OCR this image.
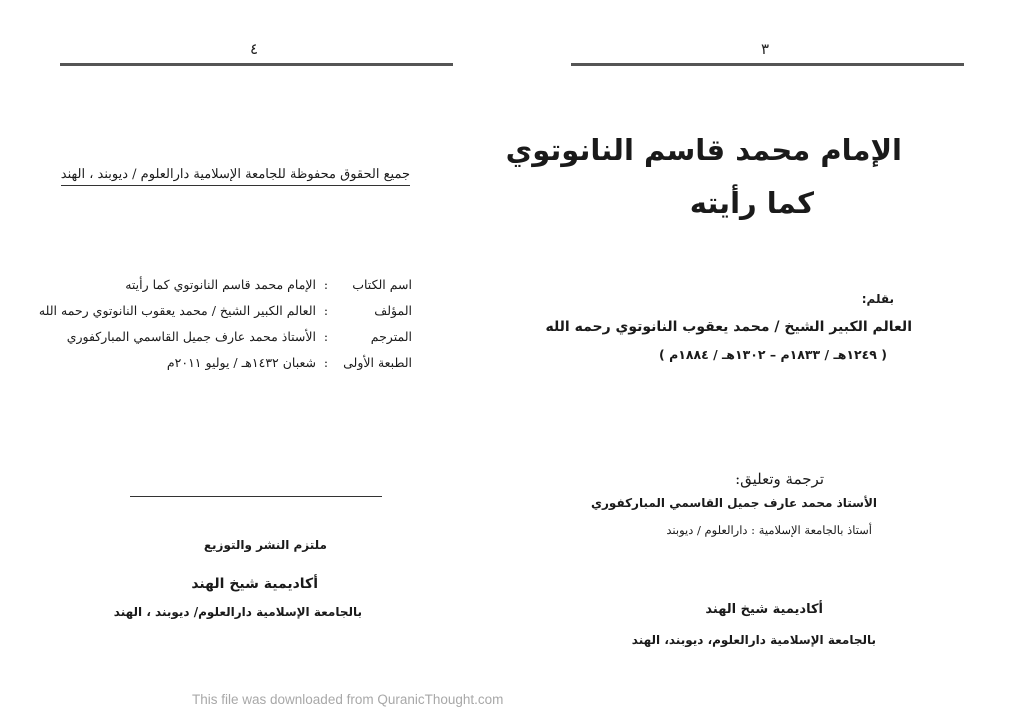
٤
جميع الحقوق محفوظة للجامعة الإسلامية دارالعلوم / ديوبند ، الهند
اسم الكتاب
:
الإمام محمد قاسم النانوتوي كما رأيته
المؤلف
:
العالم الكبير الشيخ / محمد يعقوب النانوتوي رحمه الله
المترجم
:
الأستاذ محمد عارف جميل القاسمي المباركفوري
الطبعة الأولى
:
شعبان ١٤٣٢هـ / يوليو ٢٠١١م
ملتزم النشر والتوزيع
أكاديمية شيخ الهند
بالجامعة الإسلامية دارالعلوم/ ديوبند ، الهند
This file was downloaded from QuranicThought.com
٣
الإمام محمد قاسم النانوتوي
كما رأيته
بقلم:
العالم الكبير الشيخ / محمد يعقوب النانوتوي رحمه الله
( ١٢٤٩هـ / ١٨٣٣م – ١٣٠٢هـ / ١٨٨٤م )
ترجمة وتعليق:
الأستاذ محمد عارف جميل القاسمي المباركفوري
أستاذ بالجامعة الإسلامية : دارالعلوم / ديوبند
أكاديمية شيخ الهند
بالجامعة الإسلامية دارالعلوم، ديوبند، الهند
